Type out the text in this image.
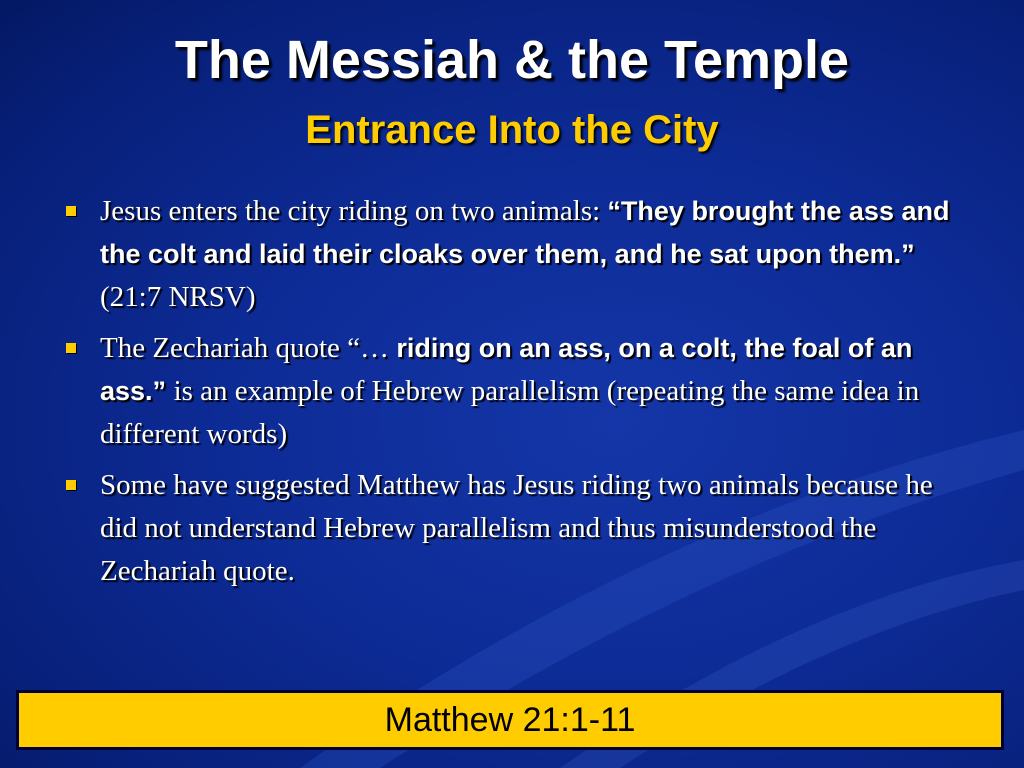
The Messiah & the Temple
Entrance Into the City
Jesus enters the city riding on two animals: “They brought the ass and the colt and laid their cloaks over them, and he sat upon them.” (21:7 NRSV)
The Zechariah quote “… riding on an ass, on a colt, the foal of an ass.” is an example of Hebrew parallelism (repeating the same idea in different words)
Some have suggested Matthew has Jesus riding two animals because he did not understand Hebrew parallelism and thus misunderstood the Zechariah quote.
Matthew 21:1-11
